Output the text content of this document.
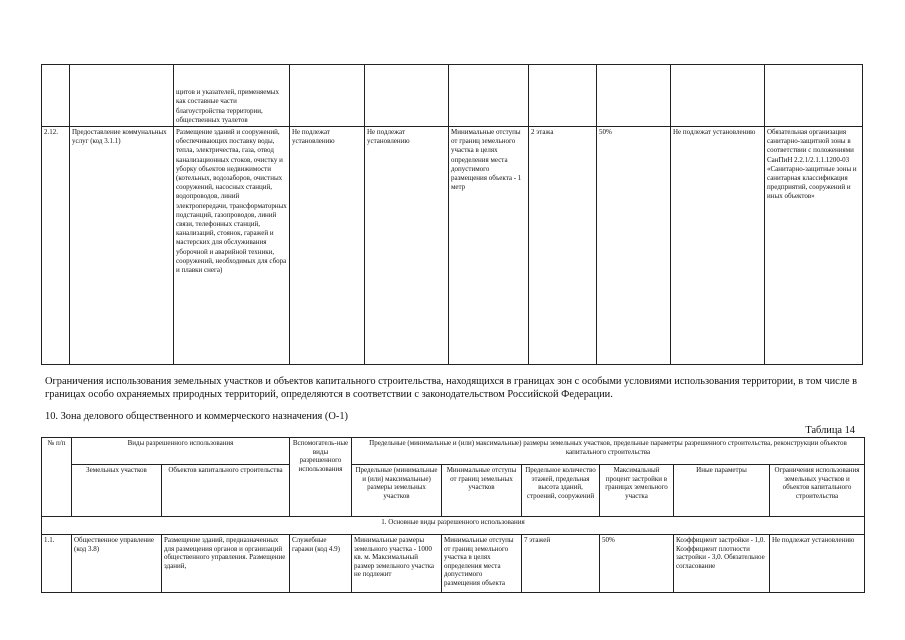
		щитов и указателей, применяемых как составные части благоустройства территории, общественных туалетов							
2.12.	Предоставление коммунальных услуг (код 3.1.1)	Размещение зданий и сооружений, обеспечивающих поставку воды, тепла, электричества, газа, отвод канализационных стоков, очистку и уборку объектов недвижимости (котельных, водозаборов, очистных сооружений, насосных станций, водопроводов, линий электропередачи, трансформаторных подстанций, газопроводов, линий связи, телефонных станций, канализаций, стоянок, гаражей и мастерских для обслуживания уборочной и аварийной техники, сооружений, необходимых для сбора и плавки снега)	Не подлежат установлению	Не подлежат установлению	Минимальные отступы от границ земельного участка в целях определения места допустимого размещения объекта - 1 метр	2 этажа	50%	Не подлежат установлению	Обязательная организация санитарно-защитной зоны в соответствии с положениями СанПиН 2.2.1/2.1.1.1200-03 «Санитарно-защитные зоны и санитарная классификация предприятий, сооружений и иных объектов»

Ограничения использования земельных участков и объектов капитального строительства, находящихся в границах зон с особыми условиями использования территории, в том числе в границах особо охраняемых природных территорий, определяются в соответствии с законодательством Российской Федерации.

10. Зона делового общественного и коммерческого назначения (О-1)

Таблица 14
№ п/п	Виды разрешенного использования		Вспомогатель-ные виды разрешенного использования	Предельные (минимальные и (или) максимальные) размеры земельных участков, предельные параметры разрешенного строительства, реконструкции объектов капитального строительства					
	Земельных участков	Объектов капитального строительства		Предельные (минимальные и (или) максимальные) размеры земельных участков	Минимальные отступы от границ земельных участков	Предельное количество этажей, предельная высота зданий, строений, сооружений	Максимальный процент застройки в границах земельного участка	Иные параметры	Ограничения использования земельных участков и объектов капитального строительства
1. Основные виды разрешенного использования									
1.1.	Общественное управление (код 3.8)	Размещение зданий, предназначенных для размещения органов и организаций общественного управления. Размещение зданий,	Служебные гаражи (код 4.9)	Минимальные размеры земельного участка - 1000 кв. м. Максимальный размер земельного участка не подлежит	Минимальные отступы от границ земельного участка в целях определения места допустимого размещения объекта	7 этажей	50%	Коэффициент застройки - 1,0. Коэффициент плотности застройки - 3,0. Обязательное согласование	Не подлежат установлению
